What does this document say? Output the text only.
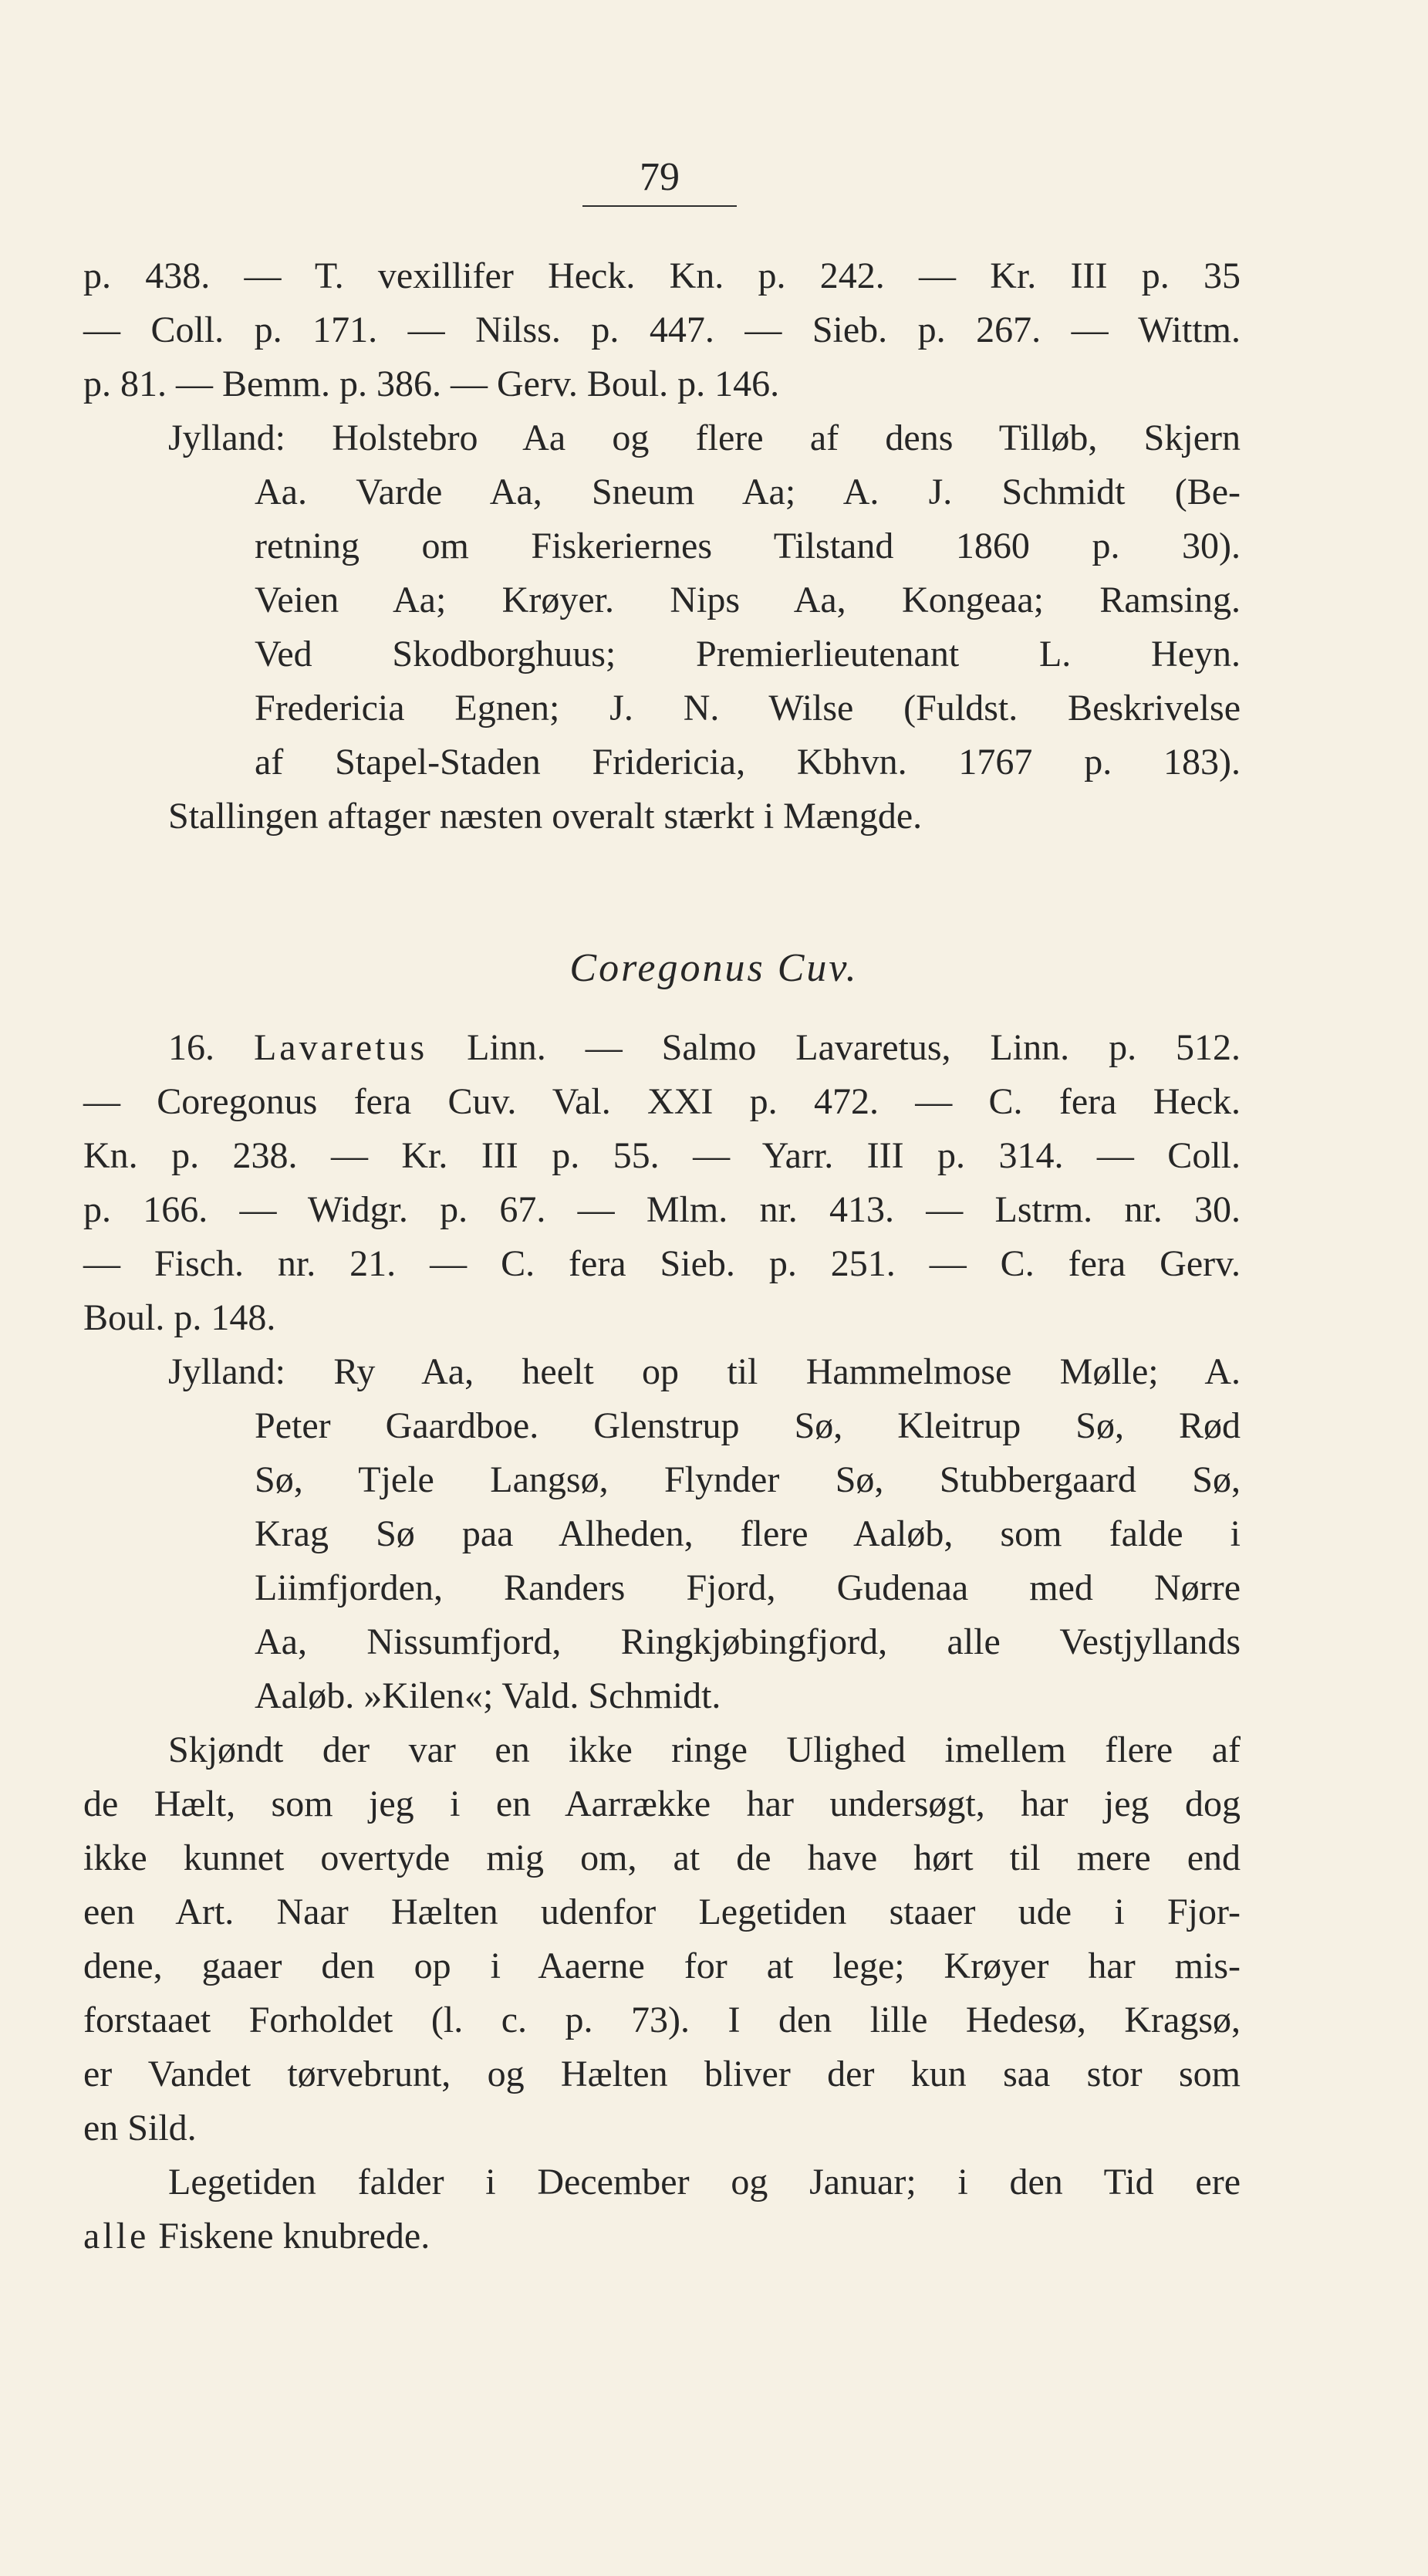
79
p. 438. — T. vexillifer Heck. Kn. p. 242. — Kr. III p. 35
— Coll. p. 171. — Nilss. p. 447. — Sieb. p. 267. — Wittm.
p. 81. — Bemm. p. 386. — Gerv. Boul. p. 146.
Jylland: Holstebro Aa og flere af dens Tilløb, Skjern
Aa. Varde Aa, Sneum Aa; A. J. Schmidt (Be-
retning om Fiskeriernes Tilstand 1860 p. 30).
Veien Aa; Krøyer. Nips Aa, Kongeaa; Ramsing.
Ved Skodborghuus; Premierlieutenant L. Heyn.
Fredericia Egnen; J. N. Wilse (Fuldst. Beskrivelse
af Stapel-Staden Fridericia, Kbhvn. 1767 p. 183).
Stallingen aftager næsten overalt stærkt i Mængde.
Coregonus Cuv.
16. Lavaretus Linn. — Salmo Lavaretus, Linn. p. 512.
— Coregonus fera Cuv. Val. XXI p. 472. — C. fera Heck.
Kn. p. 238. — Kr. III p. 55. — Yarr. III p. 314. — Coll.
p. 166. — Widgr. p. 67. — Mlm. nr. 413. — Lstrm. nr. 30.
— Fisch. nr. 21. — C. fera Sieb. p. 251. — C. fera Gerv.
Boul. p. 148.
Jylland: Ry Aa, heelt op til Hammelmose Mølle; A.
Peter Gaardboe. Glenstrup Sø, Kleitrup Sø, Rød
Sø, Tjele Langsø, Flynder Sø, Stubbergaard Sø,
Krag Sø paa Alheden, flere Aaløb, som falde i
Liimfjorden, Randers Fjord, Gudenaa med Nørre
Aa, Nissumfjord, Ringkjøbingfjord, alle Vestjyllands
Aaløb. »Kilen«; Vald. Schmidt.
Skjøndt der var en ikke ringe Ulighed imellem flere af
de Hælt, som jeg i en Aarrække har undersøgt, har jeg dog
ikke kunnet overtyde mig om, at de have hørt til mere end
een Art. Naar Hælten udenfor Legetiden staaer ude i Fjor-
dene, gaaer den op i Aaerne for at lege; Krøyer har mis-
forstaaet Forholdet (l. c. p. 73). I den lille Hedesø, Kragsø,
er Vandet tørvebrunt, og Hælten bliver der kun saa stor som
en Sild.
Legetiden falder i December og Januar; i den Tid ere
alle Fiskene knubrede.
